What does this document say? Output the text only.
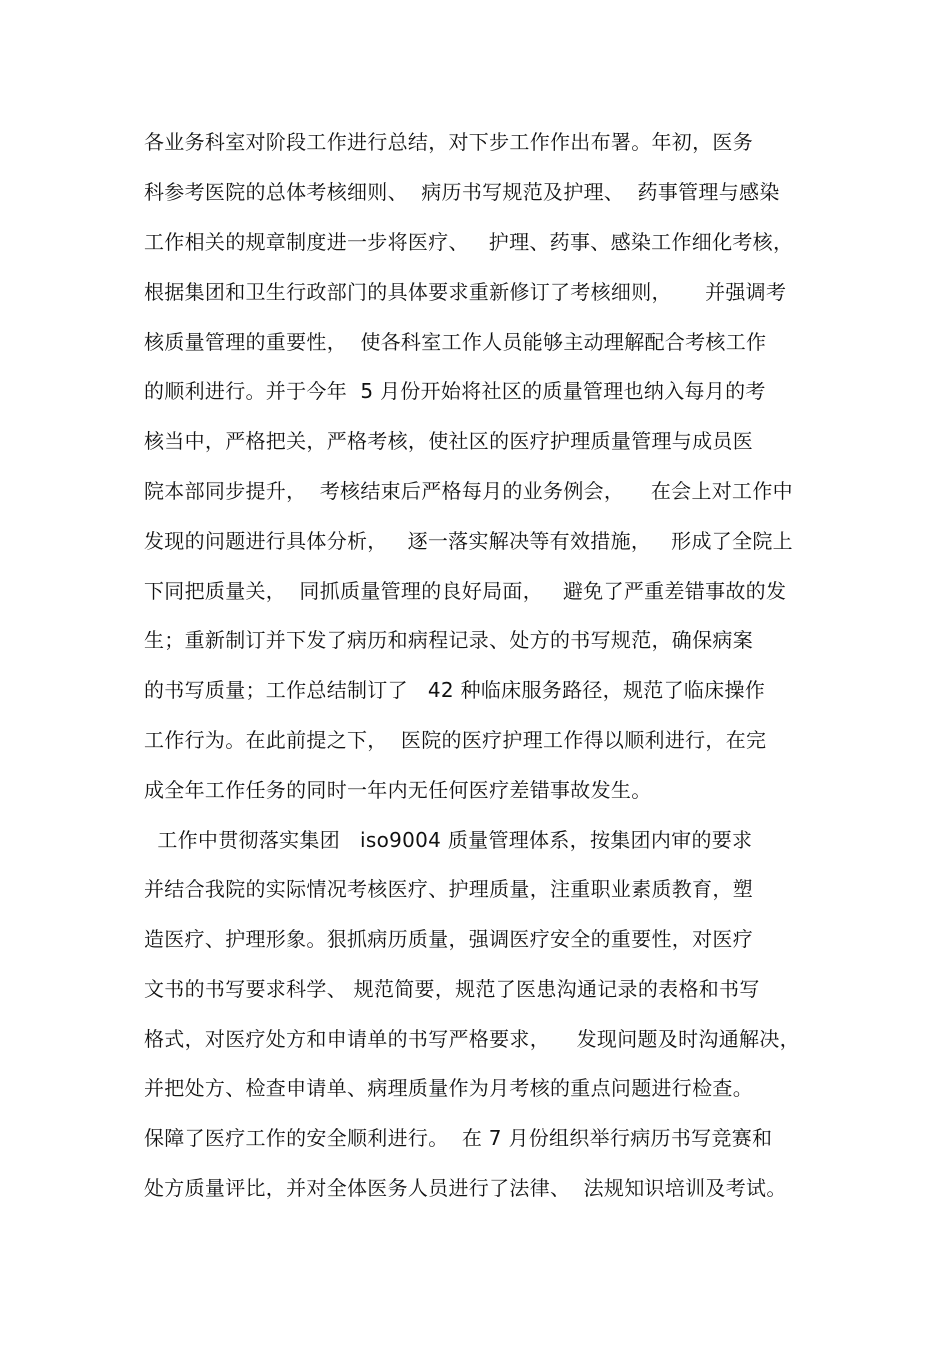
各业务科室对阶段工作进行总结，对下步工作作出布署。年初，医务
科参考医院的总体考核细则、  病历书写规范及护理、  药事管理与感染
工作相关的规章制度进一步将医疗、   护理、药事、感染工作细化考核，
根据集团和卫生行政部门的具体要求重新修订了考核细则，     并强调考
核质量管理的重要性，  使各科室工作人员能够主动理解配合考核工作
的顺利进行。并于今年  5 月份开始将社区的质量管理也纳入每月的考
核当中，严格把关，严格考核，使社区的医疗护理质量管理与成员医
院本部同步提升，  考核结束后严格每月的业务例会，    在会上对工作中
发现的问题进行具体分析，   逐一落实解决等有效措施，   形成了全院上
下同把质量关，  同抓质量管理的良好局面，   避免了严重差错事故的发
生；重新制订并下发了病历和病程记录、处方的书写规范，确保病案
的书写质量；工作总结制订了   42 种临床服务路径，规范了临床操作
工作行为。在此前提之下，  医院的医疗护理工作得以顺利进行，在完
成全年工作任务的同时一年内无任何医疗差错事故发生。
工作中贯彻落实集团   iso9004 质量管理体系，按集团内审的要求
并结合我院的实际情况考核医疗、护理质量，注重职业素质教育，塑
造医疗、护理形象。狠抓病历质量，强调医疗安全的重要性，对医疗
文书的书写要求科学、 规范简要，规范了医患沟通记录的表格和书写
格式，对医疗处方和申请单的书写严格要求，    发现问题及时沟通解决，
并把处方、检查申请单、病理质量作为月考核的重点问题进行检查。
保障了医疗工作的安全顺利进行。  在 7 月份组织举行病历书写竞赛和
处方质量评比，并对全体医务人员进行了法律、  法规知识培训及考试。
